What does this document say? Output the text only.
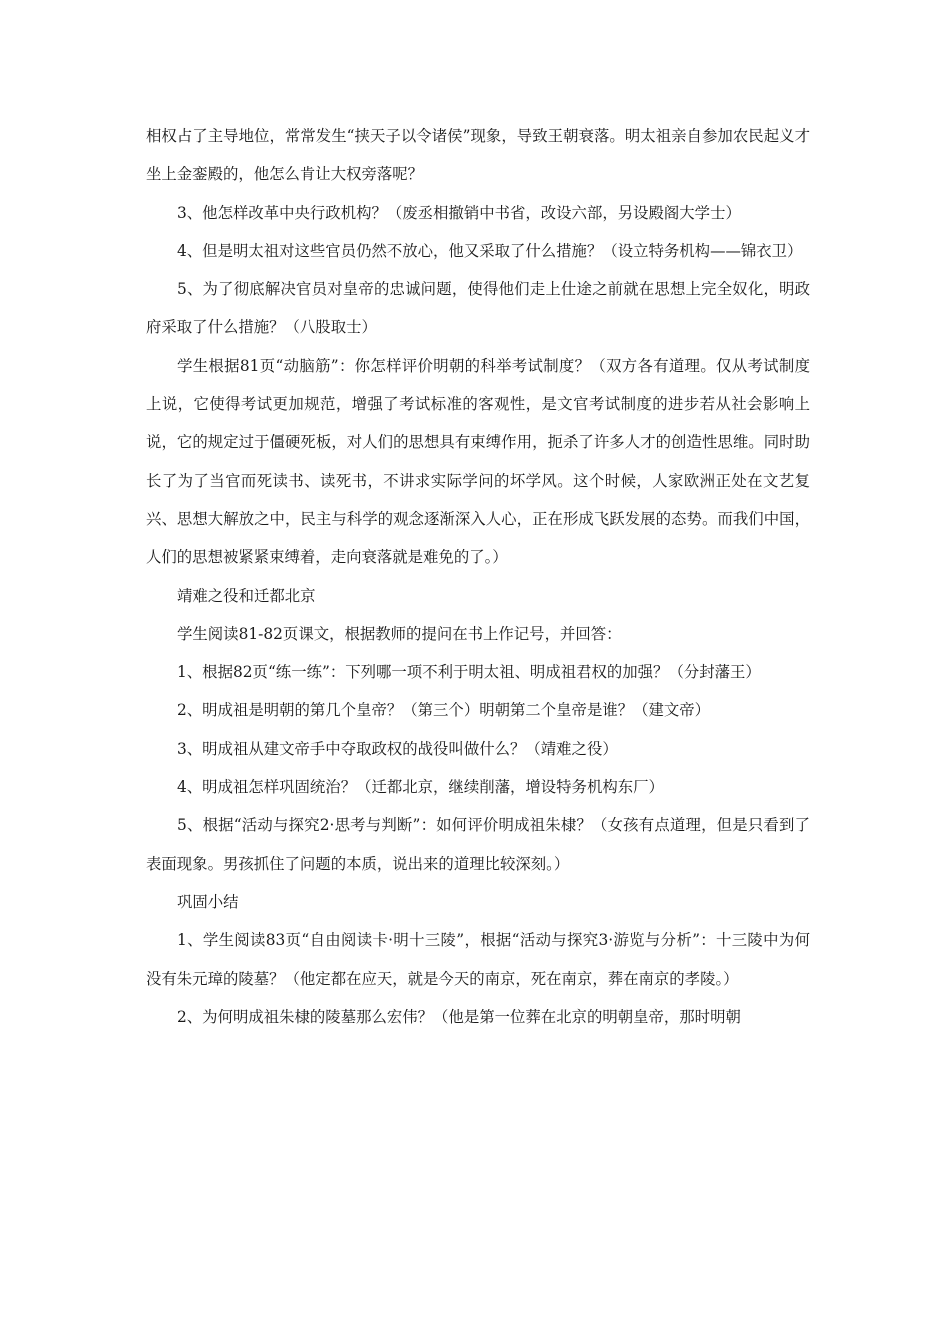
相权占了主导地位，常常发生“挟天子以令诸侯”现象，导致王朝衰落。明太祖亲自参加农民起义才坐上金銮殿的，他怎么肯让大权旁落呢？

3、他怎样改革中央行政机构？（废丞相撤销中书省，改设六部，另设殿阁大学士）

4、但是明太祖对这些官员仍然不放心，他又采取了什么措施？（设立特务机构——锦衣卫）

5、为了彻底解决官员对皇帝的忠诚问题，使得他们走上仕途之前就在思想上完全奴化，明政府采取了什么措施？（八股取士）

学生根据81页“动脑筋”：你怎样评价明朝的科举考试制度？（双方各有道理。仅从考试制度上说，它使得考试更加规范，增强了考试标准的客观性，是文官考试制度的进步若从社会影响上说，它的规定过于僵硬死板，对人们的思想具有束缚作用，扼杀了许多人才的创造性思维。同时助长了为了当官而死读书、读死书，不讲求实际学问的坏学风。这个时候，人家欧洲正处在文艺复兴、思想大解放之中，民主与科学的观念逐渐深入人心，正在形成飞跃发展的态势。而我们中国，人们的思想被紧紧束缚着，走向衰落就是难免的了。）

靖难之役和迁都北京

学生阅读81-82页课文，根据教师的提问在书上作记号，并回答：

1、根据82页“练一练”：下列哪一项不利于明太祖、明成祖君权的加强？（分封藩王）

2、明成祖是明朝的第几个皇帝？（第三个）明朝第二个皇帝是谁？（建文帝）

3、明成祖从建文帝手中夺取政权的战役叫做什么？（靖难之役）

4、明成祖怎样巩固统治？（迁都北京，继续削藩，增设特务机构东厂）

5、根据“活动与探究2·思考与判断”：如何评价明成祖朱棣？（女孩有点道理，但是只看到了表面现象。男孩抓住了问题的本质，说出来的道理比较深刻。）

巩固小结

1、学生阅读83页“自由阅读卡·明十三陵”，根据“活动与探究3·游览与分析”：十三陵中为何没有朱元璋的陵墓？（他定都在应天，就是今天的南京，死在南京，葬在南京的孝陵。）

2、为何明成祖朱棣的陵墓那么宏伟？（他是第一位葬在北京的明朝皇帝，那时明朝
